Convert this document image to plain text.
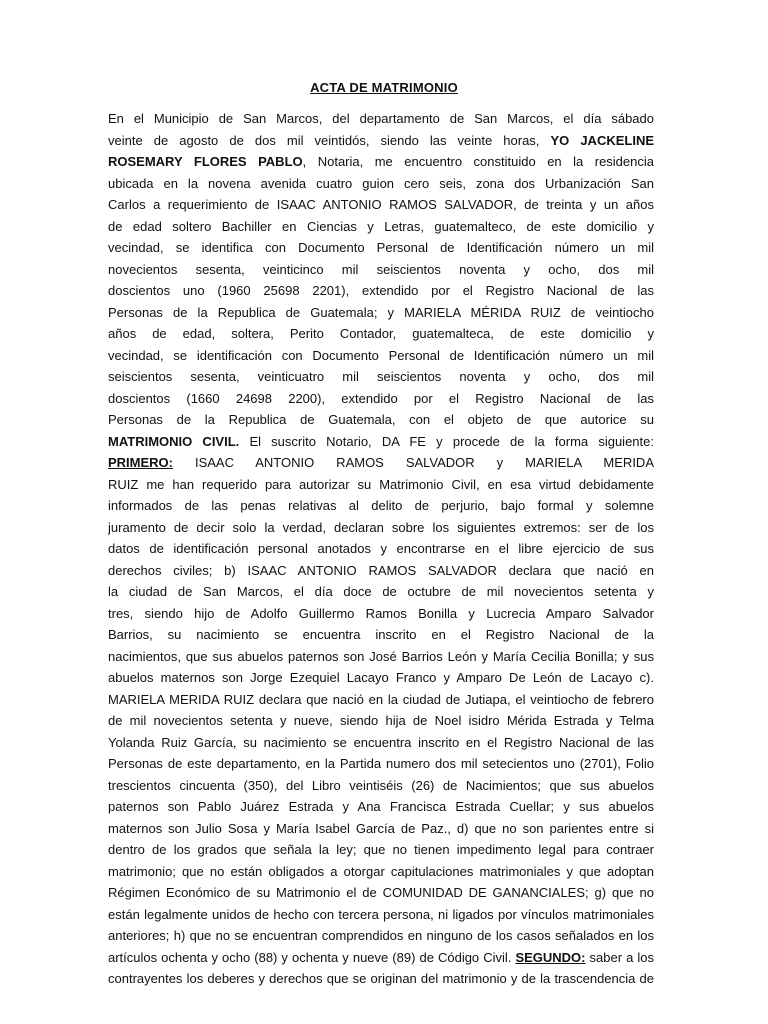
ACTA DE MATRIMONIO
En el Municipio de San Marcos, del departamento de San Marcos, el día sábado
veinte de agosto de dos mil veintidós, siendo las veinte horas, YO JACKELINE
ROSEMARY FLORES PABLO, Notaria, me encuentro constituido en la residencia
ubicada en la novena avenida cuatro guion cero seis, zona dos Urbanización San
Carlos a requerimiento de ISAAC ANTONIO RAMOS SALVADOR, de treinta y un años
de edad soltero Bachiller en Ciencias y Letras, guatemalteco, de este domicilio y
vecindad, se identifica con Documento Personal de Identificación número un mil
novecientos sesenta, veinticinco mil seiscientos noventa y ocho, dos mil
doscientos uno (1960 25698 2201), extendido por el Registro Nacional de las
Personas de la Republica de Guatemala; y MARIELA MÉRIDA RUIZ de veintiocho
años de edad, soltera, Perito Contador, guatemalteca, de este domicilio y
vecindad, se identificación con Documento Personal de Identificación número un mil
seiscientos sesenta, veinticuatro mil seiscientos noventa y ocho, dos mil
doscientos (1660 24698 2200), extendido por el Registro Nacional de las
Personas de la Republica de Guatemala, con el objeto de que autorice su
MATRIMONIO CIVIL. El suscrito Notario, DA FE y procede de la forma siguiente:
PRIMERO: ISAAC ANTONIO RAMOS SALVADOR y MARIELA MERIDA
RUIZ me han requerido para autorizar su Matrimonio Civil, en esa virtud debidamente
informados de las penas relativas al delito de perjurio, bajo formal y solemne
juramento de decir solo la verdad, declaran sobre los siguientes extremos: ser de los
datos de identificación personal anotados y encontrarse en el libre ejercicio de sus
derechos civiles; b) ISAAC ANTONIO RAMOS SALVADOR declara que nació en
la ciudad de San Marcos, el día doce de octubre de mil novecientos setenta y
tres, siendo hijo de Adolfo Guillermo Ramos Bonilla y Lucrecia Amparo Salvador
Barrios, su nacimiento se encuentra inscrito en el Registro Nacional de la
nacimientos, que sus abuelos paternos son José Barrios León y María Cecilia Bonilla; y sus
abuelos maternos son Jorge Ezequiel Lacayo Franco y Amparo De León de Lacayo c).
MARIELA MERIDA RUIZ declara que nació en la ciudad de Jutiapa, el veintiocho de febrero
de mil novecientos setenta y nueve, siendo hija de Noel isidro Mérida Estrada y Telma
Yolanda Ruiz García, su nacimiento se encuentra inscrito en el Registro Nacional de las
Personas de este departamento, en la Partida numero dos mil setecientos uno (2701), Folio
trescientos cincuenta (350), del Libro veintiséis (26) de Nacimientos; que sus abuelos
paternos son Pablo Juárez Estrada y Ana Francisca Estrada Cuellar; y sus abuelos
maternos son Julio Sosa y María Isabel García de Paz., d) que no son parientes entre si
dentro de los grados que señala la ley; que no tienen impedimento legal para contraer
matrimonio; que no están obligados a otorgar capitulaciones matrimoniales y que adoptan
Régimen Económico de su Matrimonio el de COMUNIDAD DE GANANCIALES; g) que no
están legalmente unidos de hecho con tercera persona, ni ligados por vínculos matrimoniales
anteriores; h) que no se encuentran comprendidos en ninguno de los casos señalados en los
artículos ochenta y ocho (88) y ochenta y nueve (89) de Código Civil. SEGUNDO: saber a los
contrayentes los deberes y derechos que se originan del matrimonio y de la trascendencia de
